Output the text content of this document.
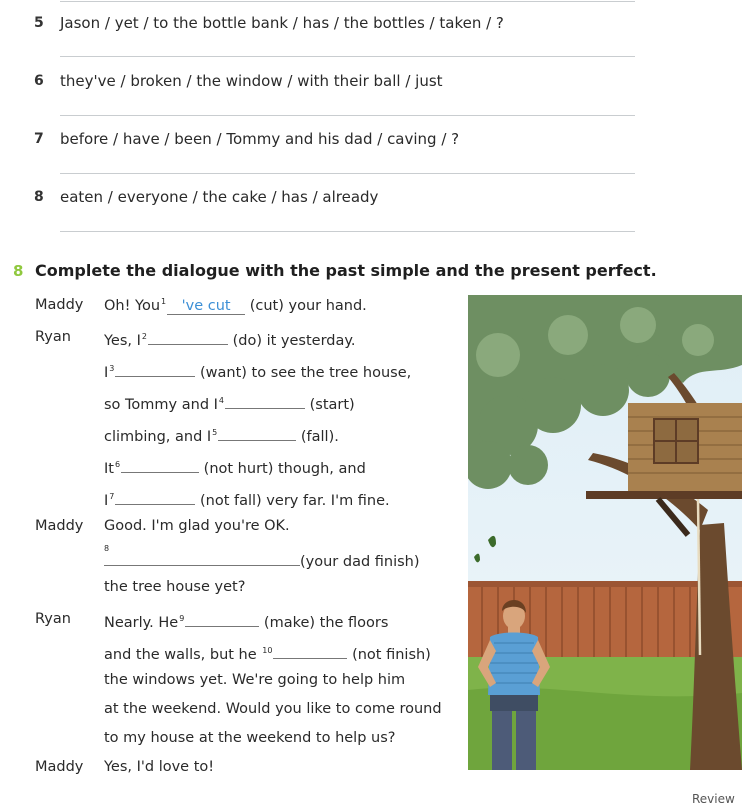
5 Jason / yet / to the bottle bank / has / the bottles / taken / ?
6 they've / broken / the window / with their ball / just
7 before / have / been / Tommy and his dad / caving / ?
8 eaten / everyone / the cake / has / already
8 Complete the dialogue with the past simple and the present perfect.
Maddy Oh! You$^1$ 've cut (cut) your hand.
Ryan Yes, $I^2$	(do) it yesterday.
$I^3$	(want) to see the tree house,
so Tommy and $I^4$	(start)
climbing, and $I^5$	(fall).
It$^6$	(not hurt) though, and
$I^7$	(not fall) very far. I'm fine.
Maddy Good. I'm glad you're OK.
8
(your dad finish)
the tree house yet?
Ryan Nearly. He$^9$	(make) the floors
and the walls, but he $^{10}$	(not finish)
the windows yet. We're going to help him
at the weekend. Would you like to come round
to my house at the weekend to help us?
Maddy Yes, I'd love to!
Review
